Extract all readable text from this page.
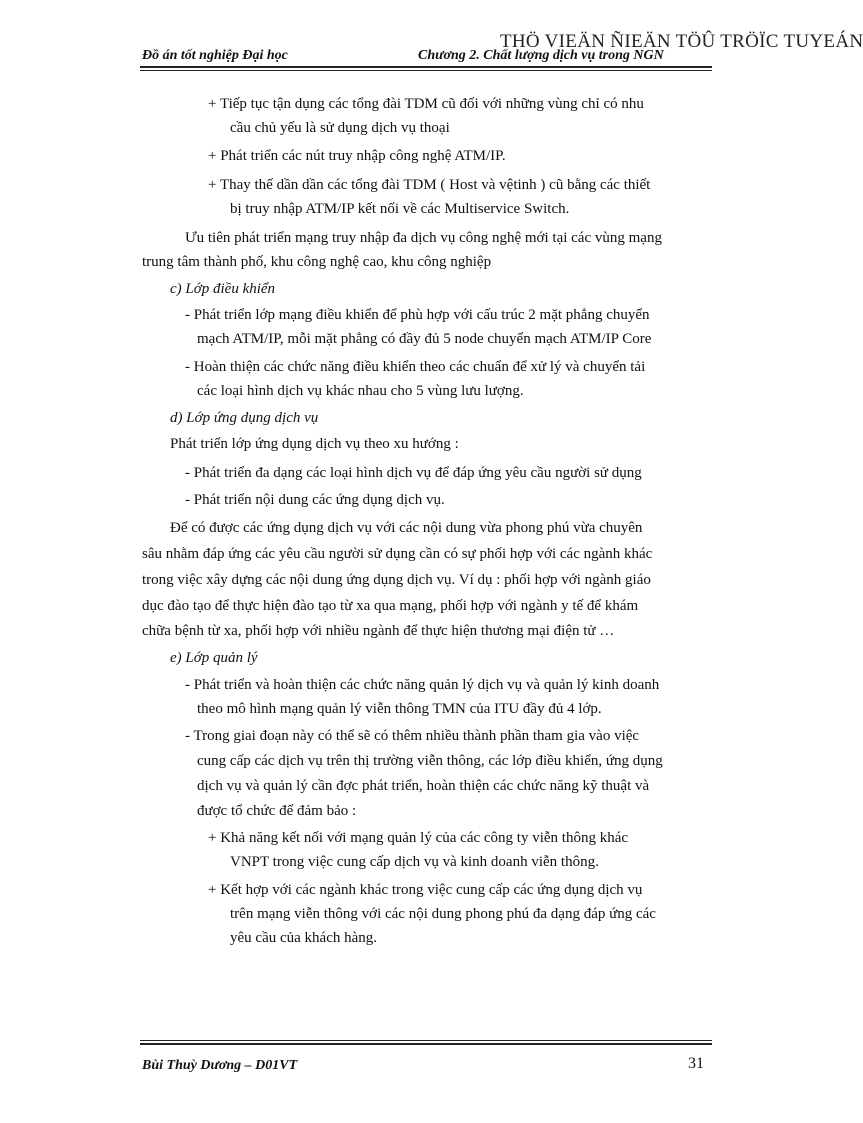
THÖ VIEÄN ÑIEÄN TÖÛ TRÖÏC TUYEÁN
Đồ án tốt nghiệp Đại học	Chương 2. Chất lượng dịch vụ trong NGN
+ Tiếp tục tận dụng các tổng đài TDM cũ đối với những vùng chỉ có nhu
cầu chủ yếu là sử dụng dịch vụ thoại
+ Phát triển các nút truy nhập công nghệ ATM/IP.
+ Thay thế dần dần các tổng đài TDM ( Host và vệtinh ) cũ bằng các thiết
bị truy nhập ATM/IP kết nối về các Multiservice Switch.
Ưu tiên phát triển mạng truy nhập đa dịch vụ công nghệ mới tại các vùng mạng
trung tâm thành phố, khu công nghệ cao, khu công nghiệp
c) Lớp điều khiển
- Phát triển lớp mạng điều khiển để phù hợp với cấu trúc 2 mặt phẳng chuyển
mạch ATM/IP, mỗi mặt phẳng có đầy đủ 5 node chuyển mạch ATM/IP Core
- Hoàn thiện các chức năng điều khiển theo các chuẩn để xử lý và chuyển tải
các loại hình dịch vụ khác nhau cho 5 vùng lưu lượng.
d) Lớp ứng dụng dịch vụ
Phát triển lớp ứng dụng dịch vụ theo xu hướng :
- Phát triển đa dạng các loại hình dịch vụ để đáp ứng yêu cầu người sử dụng
- Phát triển nội dung các ứng dụng dịch vụ.
Để có được các ứng dụng dịch vụ với các nội dung vừa phong phú vừa chuyên
sâu nhằm đáp ứng các yêu cầu người sử dụng cần có sự phối hợp với các ngành khác
trong việc xây dựng các nội dung ứng dụng dịch vụ. Ví dụ : phối hợp với ngành giáo
dục đào tạo để thực hiện đào tạo từ xa qua mạng, phối hợp với ngành y tế để khám
chữa bệnh từ xa, phối hợp với nhiều ngành để thực hiện thương mại điện tử …
e) Lớp quản lý
- Phát triển và hoàn thiện các chức năng quản lý dịch vụ và quản lý kinh doanh
theo mô hình mạng quản lý viễn thông TMN của ITU đầy đủ 4 lớp.
- Trong giai đoạn này có thể sẽ có thêm nhiều thành phần tham gia vào việc
cung cấp các dịch vụ trên thị trường viễn thông, các lớp điều khiển, ứng dụng
dịch vụ và quản lý cần đợc phát triển, hoàn thiện các chức năng kỹ thuật và
được tổ chức để đảm bảo :
+ Khả năng kết nối với mạng quản lý của các công ty viễn thông khác
VNPT trong việc cung cấp dịch vụ và kinh doanh viễn thông.
+ Kết hợp với các ngành khác trong việc cung cấp các ứng dụng dịch vụ
trên mạng viễn thông với các nội dung phong phú đa dạng đáp ứng các
yêu cầu của khách hàng.
Bùi Thuỳ Dương – D01VT	31
